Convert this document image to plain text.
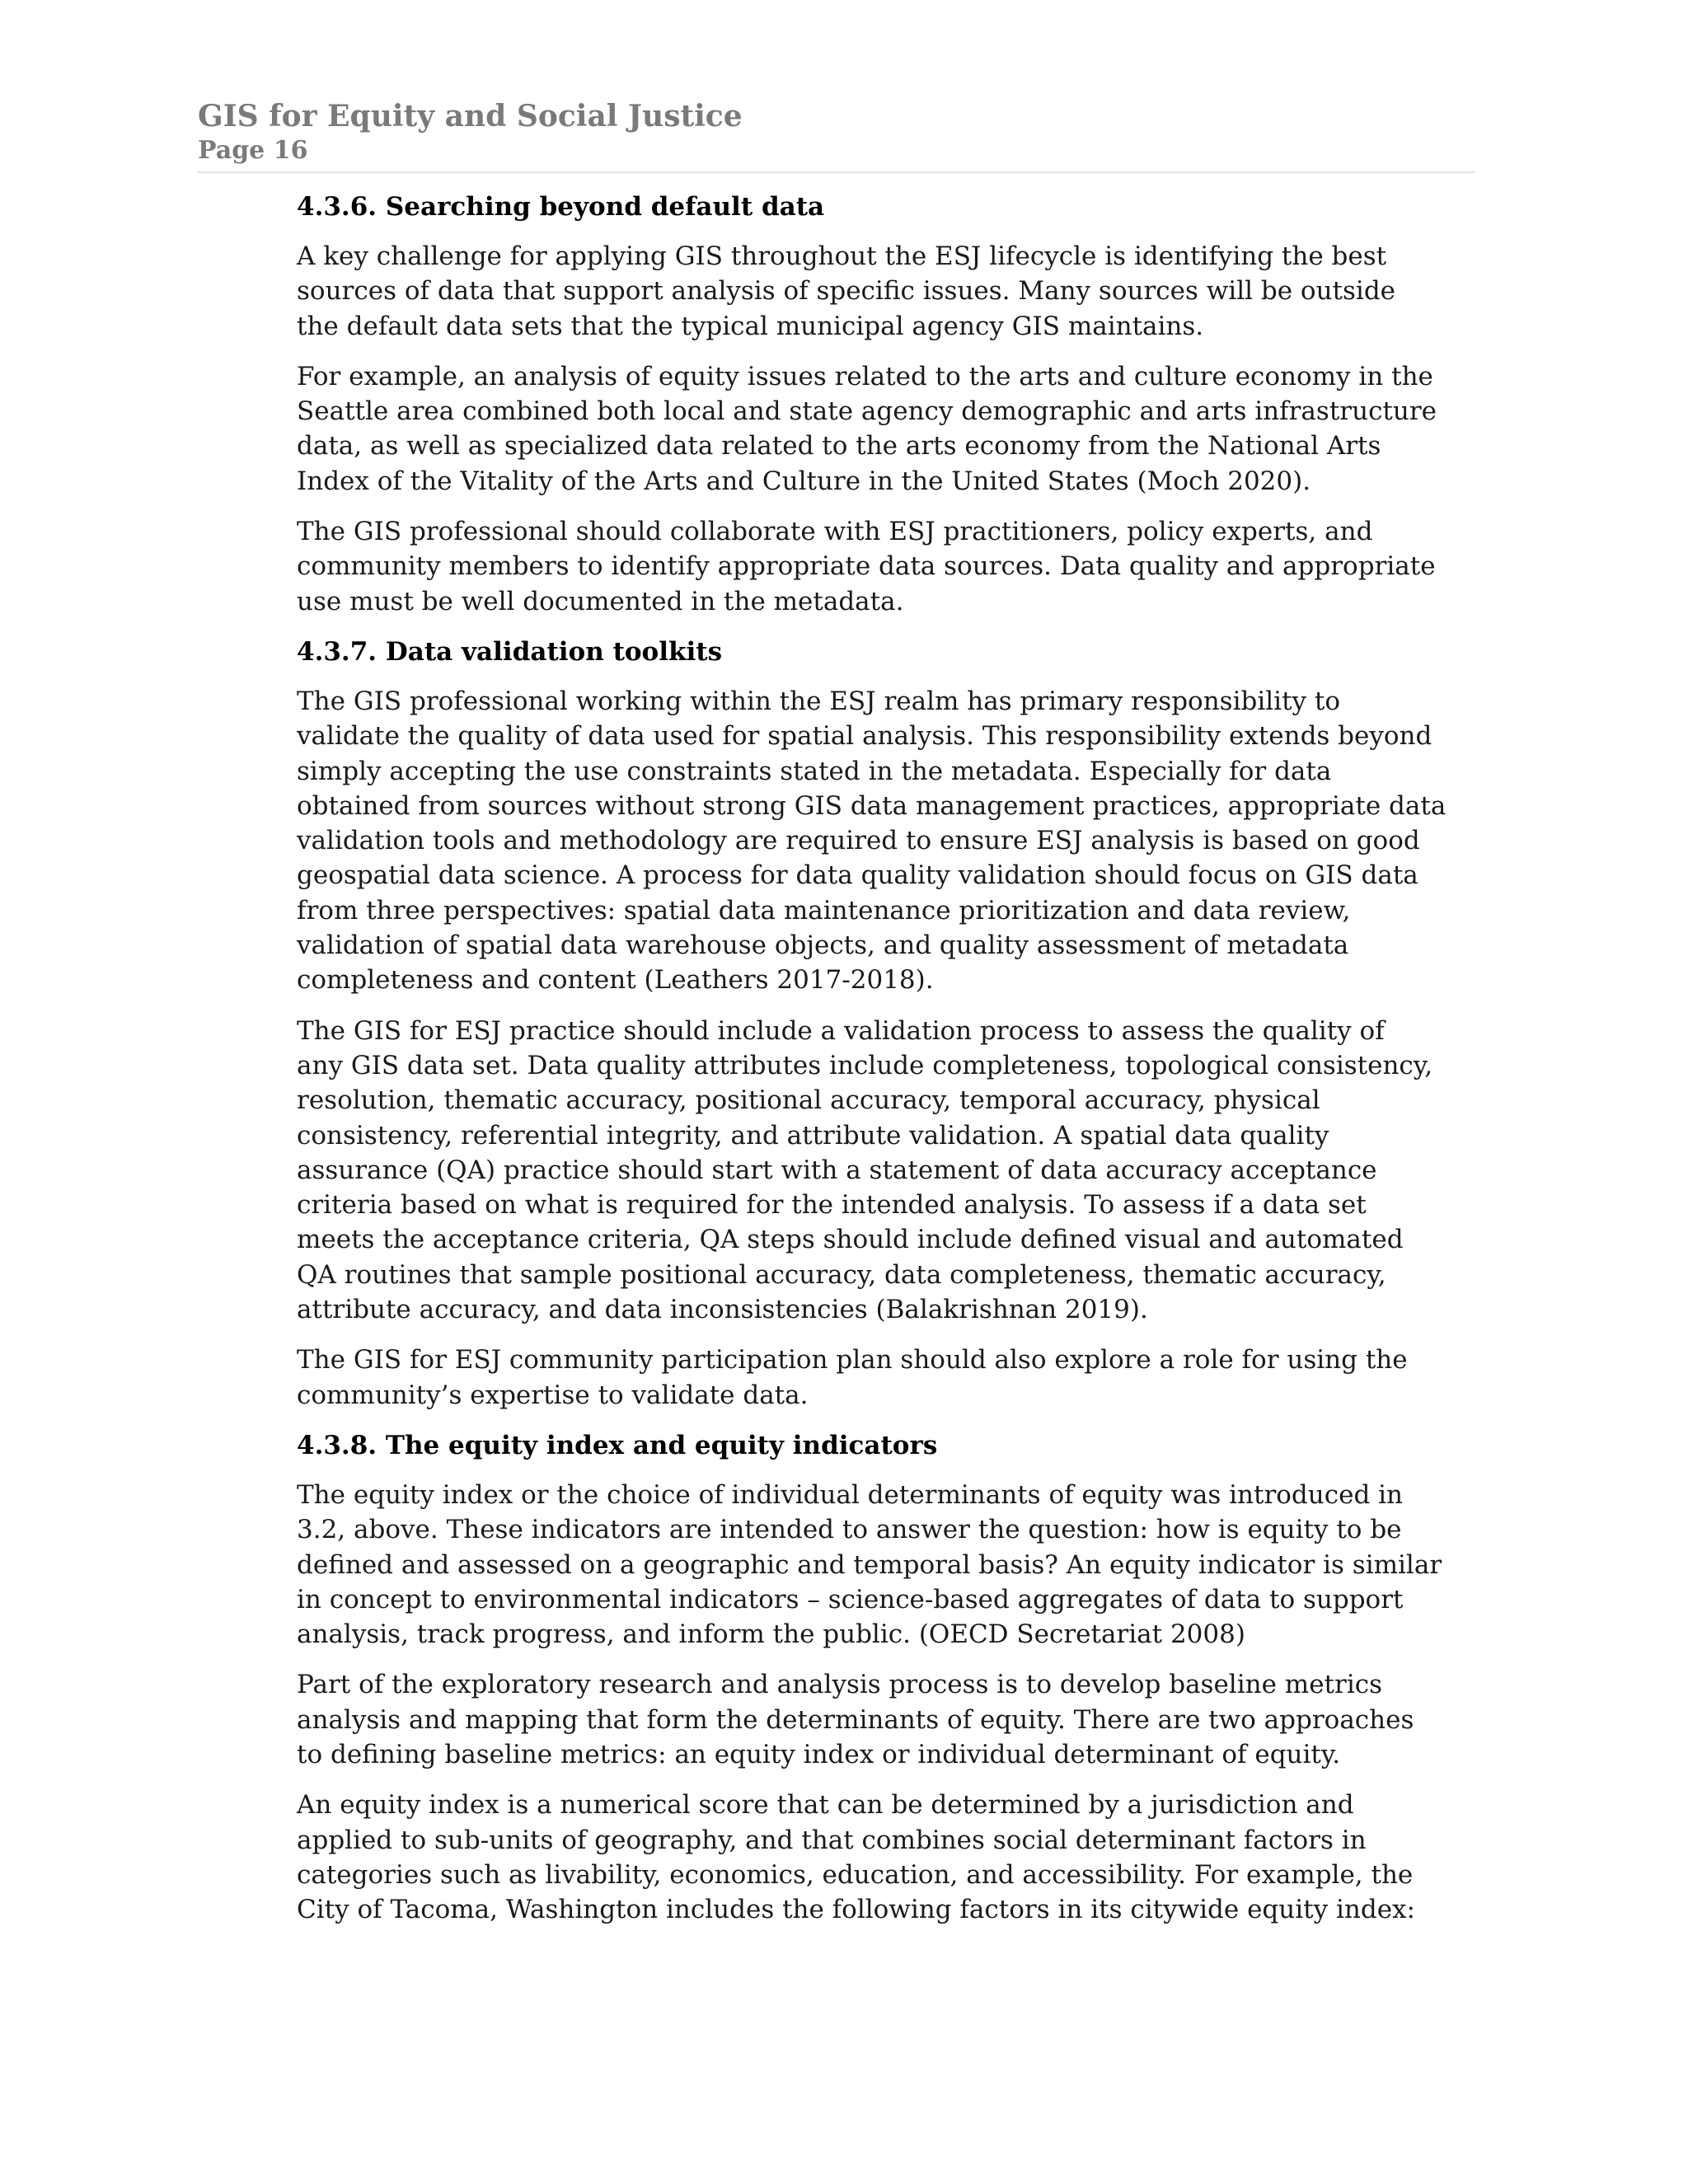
GIS for Equity and Social Justice
Page 16
4.3.6. Searching beyond default data

A key challenge for applying GIS throughout the ESJ lifecycle is identifying the best
sources of data that support analysis of specific issues. Many sources will be outside
the default data sets that the typical municipal agency GIS maintains.

For example, an analysis of equity issues related to the arts and culture economy in the
Seattle area combined both local and state agency demographic and arts infrastructure
data, as well as specialized data related to the arts economy from the National Arts
Index of the Vitality of the Arts and Culture in the United States (Moch 2020).

The GIS professional should collaborate with ESJ practitioners, policy experts, and
community members to identify appropriate data sources. Data quality and appropriate
use must be well documented in the metadata.

4.3.7. Data validation toolkits

The GIS professional working within the ESJ realm has primary responsibility to
validate the quality of data used for spatial analysis. This responsibility extends beyond
simply accepting the use constraints stated in the metadata. Especially for data
obtained from sources without strong GIS data management practices, appropriate data
validation tools and methodology are required to ensure ESJ analysis is based on good
geospatial data science. A process for data quality validation should focus on GIS data
from three perspectives: spatial data maintenance prioritization and data review,
validation of spatial data warehouse objects, and quality assessment of metadata
completeness and content (Leathers 2017-2018).

The GIS for ESJ practice should include a validation process to assess the quality of
any GIS data set. Data quality attributes include completeness, topological consistency,
resolution, thematic accuracy, positional accuracy, temporal accuracy, physical
consistency, referential integrity, and attribute validation. A spatial data quality
assurance (QA) practice should start with a statement of data accuracy acceptance
criteria based on what is required for the intended analysis. To assess if a data set
meets the acceptance criteria, QA steps should include defined visual and automated
QA routines that sample positional accuracy, data completeness, thematic accuracy,
attribute accuracy, and data inconsistencies (Balakrishnan 2019).

The GIS for ESJ community participation plan should also explore a role for using the
community’s expertise to validate data.

4.3.8. The equity index and equity indicators

The equity index or the choice of individual determinants of equity was introduced in
3.2, above. These indicators are intended to answer the question: how is equity to be
defined and assessed on a geographic and temporal basis? An equity indicator is similar
in concept to environmental indicators – science-based aggregates of data to support
analysis, track progress, and inform the public. (OECD Secretariat 2008)

Part of the exploratory research and analysis process is to develop baseline metrics
analysis and mapping that form the determinants of equity. There are two approaches
to defining baseline metrics: an equity index or individual determinant of equity.

An equity index is a numerical score that can be determined by a jurisdiction and
applied to sub-units of geography, and that combines social determinant factors in
categories such as livability, economics, education, and accessibility. For example, the
City of Tacoma, Washington includes the following factors in its citywide equity index:
